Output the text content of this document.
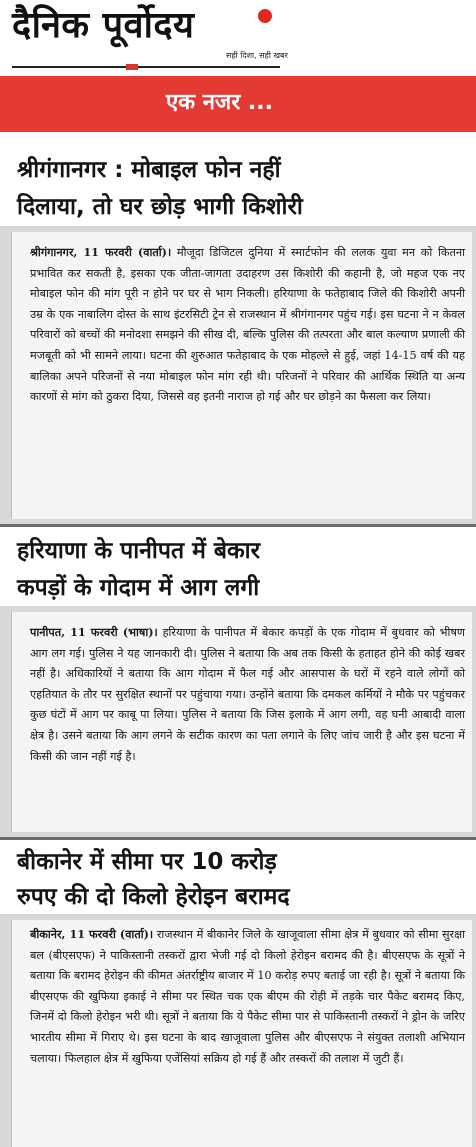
दैनिक पूर्वोदय
सही दिशा, सही खबर
एक नजर ...
श्रीगंगानगर : मोबाइल फोन नहीं
दिलाया, तो घर छोड़ भागी किशोरी
श्रीगंगानगर, 11 फरवरी (वार्ता)। मौजूदा डिजिटल दुनिया में स्मार्टफोन की ललक युवा मन को कितना प्रभावित कर सकती है, इसका एक जीता-जागता उदाहरण उस किशोरी की कहानी है, जो महज एक नए मोबाइल फोन की मांग पूरी न होने पर घर से भाग निकली। हरियाणा के फतेहाबाद जिले की किशोरी अपनी उम्र के एक नाबालिग दोस्त के साथ इंटरसिटी ट्रेन से राजस्थान में श्रीगंगानगर पहुंच गई। इस घटना ने न केवल परिवारों को बच्चों की मनोदशा समझने की सीख दी, बल्कि पुलिस की तत्परता और बाल कल्याण प्रणाली की मजबूती को भी सामने लाया। घटना की शुरुआत फतेहाबाद के एक मोहल्ले से हुई, जहां 14-15 वर्ष की यह बालिका अपने परिजनों से नया मोबाइल फोन मांग रही थी। परिजनों ने परिवार की आर्थिक स्थिति या अन्य कारणों से मांग को ठुकरा दिया, जिससे वह इतनी नाराज हो गई और घर छोड़ने का फैसला कर लिया।
हरियाणा के पानीपत में बेकार
कपड़ों के गोदाम में आग लगी
पानीपत, 11 फरवरी (भाषा)। हरियाणा के पानीपत में बेकार कपड़ों के एक गोदाम में बुधवार को भीषण आग लग गई। पुलिस ने यह जानकारी दी। पुलिस ने बताया कि अब तक किसी के हताहत होने की कोई खबर नहीं है। अधिकारियों ने बताया कि आग गोदाम में फैल गई और आसपास के घरों में रहने वाले लोगों को एहतियात के तौर पर सुरक्षित स्थानों पर पहुंचाया गया। उन्होंने बताया कि दमकल कर्मियों ने मौके पर पहुंचकर कुछ घंटों में आग पर काबू पा लिया। पुलिस ने बताया कि जिस इलाके में आग लगी, वह घनी आबादी वाला क्षेत्र है। उसने बताया कि आग लगने के सटीक कारण का पता लगाने के लिए जांच जारी है और इस घटना में किसी की जान नहीं गई है।
बीकानेर में सीमा पर 10 करोड़
रुपए की दो किलो हेरोइन बरामद
बीकानेर, 11 फरवरी (वार्ता)। राजस्थान में बीकानेर जिले के खाजूवाला सीमा क्षेत्र में बुधवार को सीमा सुरक्षा बल (बीएसएफ) ने पाकिस्तानी तस्करों द्वारा भेजी गई दो किलो हेरोइन बरामद की है। बीएसएफ के सूत्रों ने बताया कि बरामद हेरोइन की कीमत अंतर्राष्ट्रीय बाजार में 10 करोड़ रुपए बताई जा रही है। सूत्रों ने बताया कि बीएसएफ की खुफिया इकाई ने सीमा पर स्थित चक एक बीएम की रोही में तड़के चार पैकेट बरामद किए, जिनमें दो किलो हेरोइन भरी थी। सूत्रों ने बताया कि ये पैकेट सीमा पार से पाकिस्तानी तस्करों ने ड्रोन के जरिए भारतीय सीमा में गिराए थे। इस घटना के बाद खाजूवाला पुलिस और बीएसएफ ने संयुक्त तलाशी अभियान चलाया। फिलहाल क्षेत्र में खुफिया एजेंसियां सक्रिय हो गई हैं और तस्करों की तलाश में जुटी हैं।
